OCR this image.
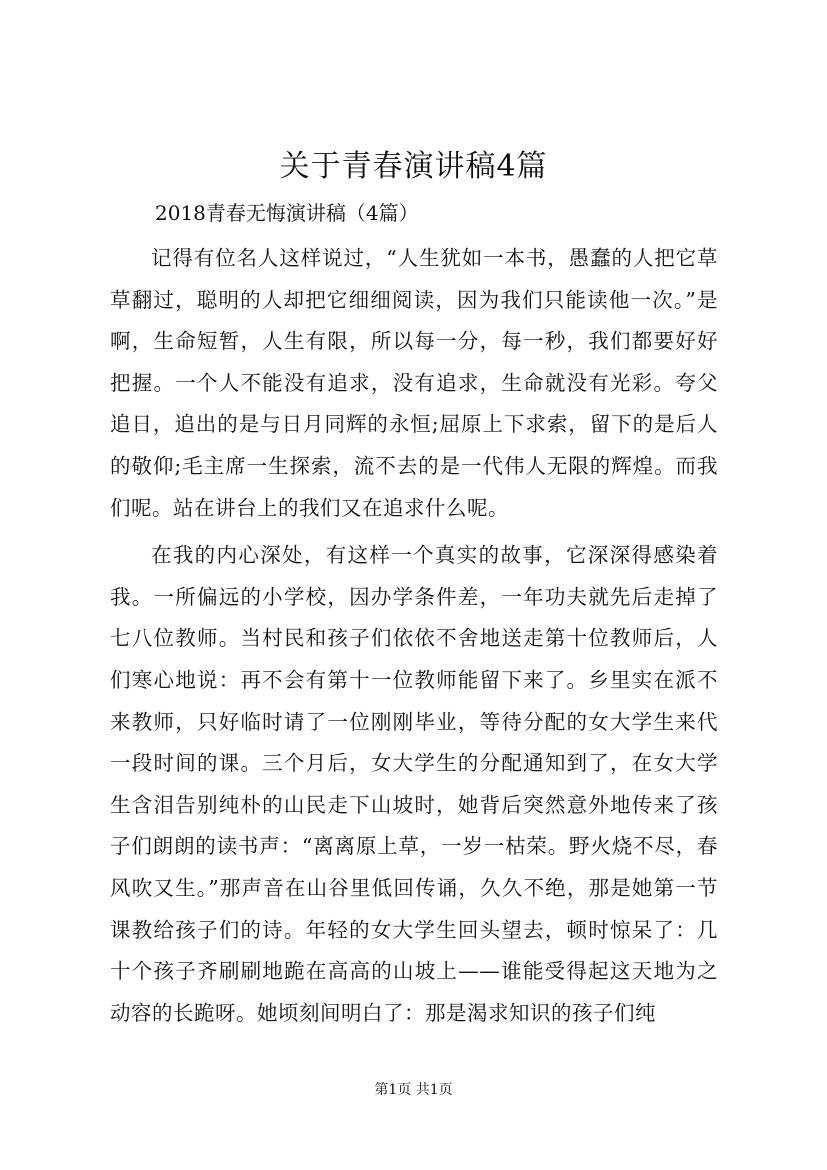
关于青春演讲稿4篇

2018青春无悔演讲稿（4篇）

记得有位名人这样说过，“人生犹如一本书，愚蠢的人把它草草翻过，聪明的人却把它细细阅读，因为我们只能读他一次。”是啊，生命短暂，人生有限，所以每一分，每一秒，我们都要好好把握。一个人不能没有追求，没有追求，生命就没有光彩。夸父追日，追出的是与日月同辉的永恒;屈原上下求索，留下的是后人的敬仰;毛主席一生探索，流不去的是一代伟人无限的辉煌。而我们呢。站在讲台上的我们又在追求什么呢。

在我的内心深处，有这样一个真实的故事，它深深得感染着我。一所偏远的小学校，因办学条件差，一年功夫就先后走掉了七八位教师。当村民和孩子们依依不舍地送走第十位教师后，人们寒心地说：再不会有第十一位教师能留下来了。乡里实在派不来教师，只好临时请了一位刚刚毕业，等待分配的女大学生来代一段时间的课。三个月后，女大学生的分配通知到了，在女大学生含泪告别纯朴的山民走下山坡时，她背后突然意外地传来了孩子们朗朗的读书声：“离离原上草，一岁一枯荣。野火烧不尽，春风吹又生。”那声音在山谷里低回传诵，久久不绝，那是她第一节课教给孩子们的诗。年轻的女大学生回头望去，顿时惊呆了：几十个孩子齐刷刷地跪在高高的山坡上——谁能受得起这天地为之动容的长跪呀。她顷刻间明白了：那是渴求知识的孩子们纯

第1页 共1页
